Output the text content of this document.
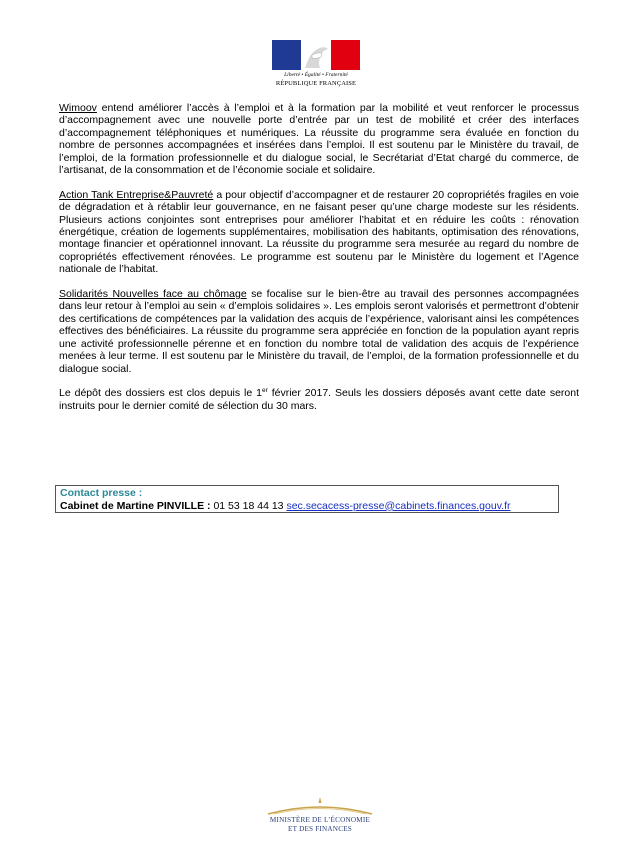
Liberté • Égalité • Fraternité
RÉPUBLIQUE FRANÇAISE

Wimoov entend améliorer l’accès à l’emploi et à la formation par la mobilité et veut renforcer le processus d’accompagnement avec une nouvelle porte d’entrée par un test de mobilité et créer des interfaces d’accompagnement téléphoniques et numériques. La réussite du programme sera évaluée en fonction du nombre de personnes accompagnées et insérées dans l’emploi. Il est soutenu par le Ministère du travail, de l’emploi, de la formation professionnelle et du dialogue social, le Secrétariat d’Etat chargé du commerce, de l’artisanat, de la consommation et de l’économie sociale et solidaire.

Action Tank Entreprise&Pauvreté a pour objectif d’accompagner et de restaurer 20 copropriétés fragiles en voie de dégradation et à rétablir leur gouvernance, en ne faisant peser qu’une charge modeste sur les résidents. Plusieurs actions conjointes sont entreprises pour améliorer l’habitat et en réduire les coûts : rénovation énergétique, création de logements supplémentaires, mobilisation des habitants, optimisation des rénovations, montage financier et opérationnel innovant. La réussite du programme sera mesurée au regard du nombre de copropriétés effectivement rénovées. Le programme est soutenu par le Ministère du logement et l’Agence nationale de l’habitat.

Solidarités Nouvelles face au chômage se focalise sur le bien-être au travail des personnes accompagnées dans leur retour à l’emploi au sein « d’emplois solidaires ». Les emplois seront valorisés et permettront d’obtenir des certifications de compétences par la validation des acquis de l’expérience, valorisant ainsi les compétences effectives des bénéficiaires. La réussite du programme sera appréciée en fonction de la population ayant repris une activité professionnelle pérenne et en fonction du nombre total de validation des acquis de l’expérience menées à leur terme. Il est soutenu par le Ministère du travail, de l’emploi, de la formation professionnelle et du dialogue social.

Le dépôt des dossiers est clos depuis le 1er février 2017. Seuls les dossiers déposés avant cette date seront instruits pour le dernier comité de sélection du 30 mars.

Contact presse :
Cabinet de Martine PINVILLE : 01 53 18 44 13 sec.secacess-presse@cabinets.finances.gouv.fr
MINISTÈRE DE L’ÉCONOMIE
ET DES FINANCES
